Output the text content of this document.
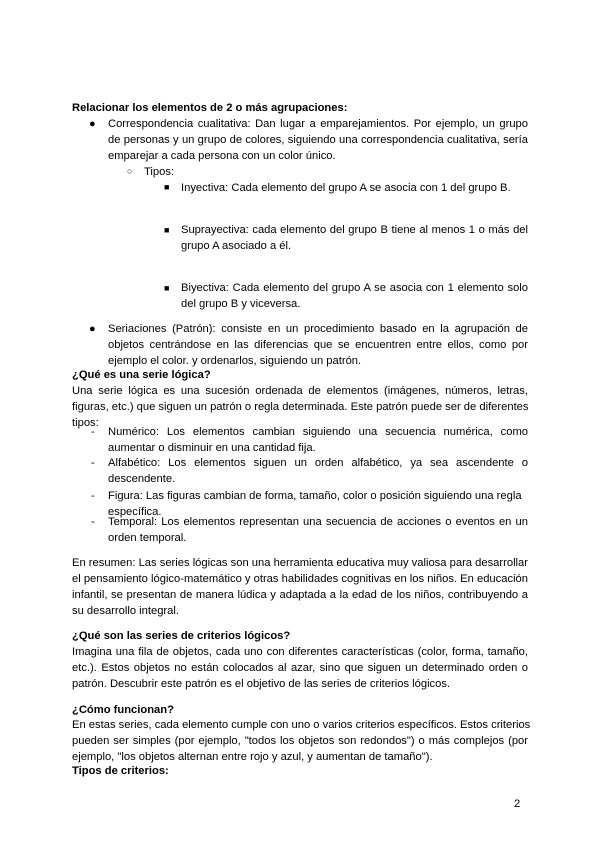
Relacionar los elementos de 2 o más agrupaciones:
● Correspondencia cualitativa: Dan lugar a emparejamientos. Por ejemplo, un grupo
de personas y un grupo de colores, siguiendo una correspondencia cualitativa, sería
emparejar a cada persona con un color único.
○ Tipos:
■ Inyectiva: Cada elemento del grupo A se asocia con 1 del grupo B.
■ Suprayectiva: cada elemento del grupo B tiene al menos 1 o más del
grupo A asociado a él.
■ Biyectiva: Cada elemento del grupo A se asocia con 1 elemento solo
del grupo B y viceversa.
● Seriaciones (Patrón): consiste en un procedimiento basado en la agrupación de
objetos centrándose en las diferencias que se encuentren entre ellos, como por
ejemplo el color. y ordenarlos, siguiendo un patrón.
¿Qué es una serie lógica?
Una serie lógica es una sucesión ordenada de elementos (imágenes, números, letras,
figuras, etc.) que siguen un patrón o regla determinada. Este patrón puede ser de diferentes
tipos:
- Numérico: Los elementos cambian siguiendo una secuencia numérica, como
aumentar o disminuir en una cantidad fija.
- Alfabético: Los elementos siguen un orden alfabético, ya sea ascendente o
descendente.
- Figura: Las figuras cambian de forma, tamaño, color o posición siguiendo una regla
específica.
- Temporal: Los elementos representan una secuencia de acciones o eventos en un
orden temporal.
En resumen: Las series lógicas son una herramienta educativa muy valiosa para desarrollar
el pensamiento lógico-matemático y otras habilidades cognitivas en los niños. En educación
infantil, se presentan de manera lúdica y adaptada a la edad de los niños, contribuyendo a
su desarrollo integral.
¿Qué son las series de criterios lógicos?
Imagina una fila de objetos, cada uno con diferentes características (color, forma, tamaño,
etc.). Estos objetos no están colocados al azar, sino que siguen un determinado orden o
patrón. Descubrir este patrón es el objetivo de las series de criterios lógicos.
¿Cómo funcionan?
En estas series, cada elemento cumple con uno o varios criterios específicos. Estos criterios
pueden ser simples (por ejemplo, "todos los objetos son redondos") o más complejos (por
ejemplo, "los objetos alternan entre rojo y azul, y aumentan de tamaño").
Tipos de criterios:
2
